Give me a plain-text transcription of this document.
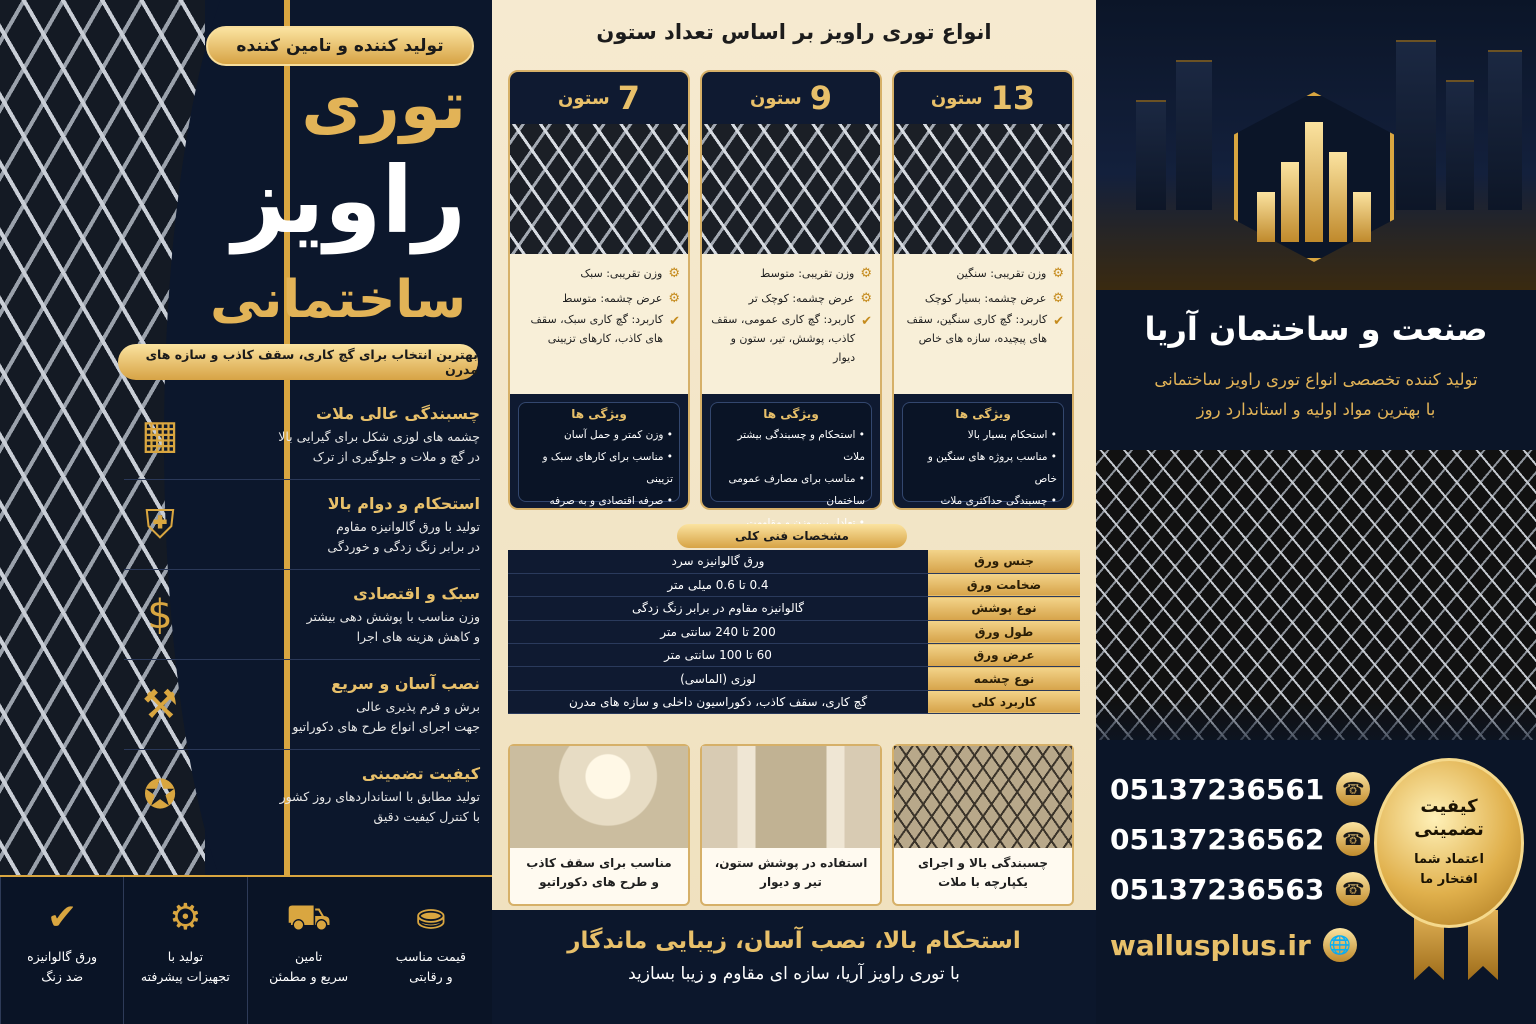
تولید کننده و تامین کننده
توری
راویز
ساختمانی
بهترین انتخاب برای گچ کاری، سقف کاذب و سازه های مدرن
چسبندگی عالی ملات

چشمه های لوزی شکل برای گیرایی بالا
در گچ و ملات و جلوگیری از ترک

▦
استحکام و دوام بالا

تولید با ورق گالوانیزه مقاوم
در برابر زنگ زدگی و خوردگی

⛨
سبک و اقتصادی

وزن مناسب با پوشش دهی بیشتر
و کاهش هزینه های اجرا

$
نصب آسان و سریع

برش و فرم پذیری عالی
جهت اجرای انواع طرح های دکوراتیو

⚒
کیفیت تضمینی

تولید مطابق با استانداردهای روز کشور
با کنترل کیفیت دقیق

✪
⛂
قیمت مناسب
و رقابتی
⛟
تامین
سریع و مطمئن
⚙
تولید با
تجهیزات پیشرفته
✔
ورق گالوانیزه
ضد زنگ
انواع توری راویز بر اساس تعداد ستون
13
ستون
⚙
وزن تقریبی: سنگین
⚙
عرض چشمه: بسیار کوچک
✔
کاربرد: گچ کاری سنگین، سقف های پیچیده، سازه های خاص
ویژگی ها
• استحکام بسیار بالا
• مناسب پروژه های سنگین و خاص
• چسبندگی حداکثری ملات
9
ستون
⚙
وزن تقریبی: متوسط
⚙
عرض چشمه: کوچک تر
✔
کاربرد: گچ کاری عمومی، سقف کاذب، پوشش، تیر، ستون و دیوار
ویژگی ها
• استحکام و چسبندگی بیشتر ملات
• مناسب برای مصارف عمومی ساختمان
•
7
ستون
⚙
وزن تقریبی: سبک
⚙
عرض چشمه: متوسط
✔
کاربرد: گچ کاری سبک، سقف های کاذب، کارهای تزیینی
ویژگی ها
• وزن کمتر و حمل آسان
• مناسب برای کارهای سبک و تزیینی
• صرفه اقتصادی و به صرفه
مشخصات فنی کلی
جنس ورق	ورق گالوانیزه سرد
ضخامت ورق	0.4 تا 0.6 میلی متر
نوع پوشش	گالوانیزه مقاوم در برابر زنگ زدگی
طول ورق	200 تا 240 سانتی متر
عرض ورق	60 تا 100 سانتی متر
نوع چشمه	لوزی (الماسی)
کاربرد کلی	گچ کاری، سقف کاذب، دکوراسیون داخلی و سازه های مدرن
چسبندگی بالا و اجرای
یکپارچه با ملات
استفاده در پوشش ستون،
تیر و دیوار
مناسب برای سقف کاذب
و طرح های دکوراتیو
استحکام بالا، نصب آسان، زیبایی ماندگار

با توری راویز آریا، سازه ای مقاوم و زیبا بسازید

صنعت و ساختمان آریا
تولید کننده تخصصی انواع توری راویز ساختمانی
با بهترین مواد اولیه و استاندارد روز
☎
05137236561
☎
05137236562
☎
05137236563
🌐
wallusplus.ir
کیفیت
تضمینی
اعتماد شما
افتخار ما
